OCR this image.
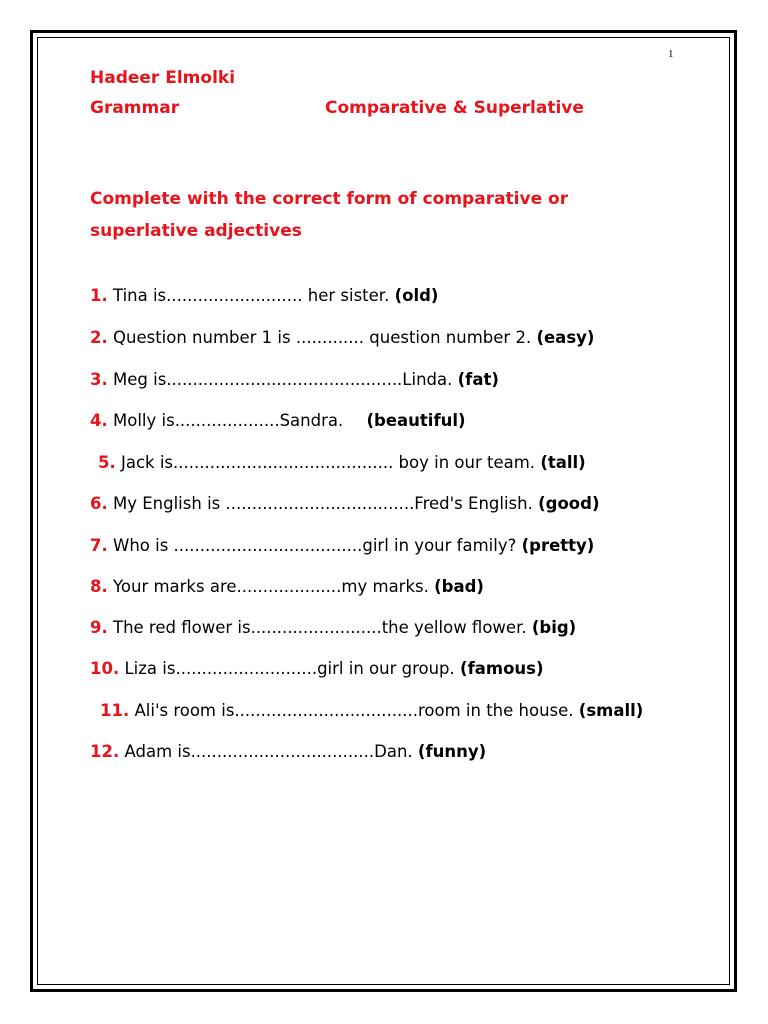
1
Hadeer Elmolki
Grammar	Comparative & Superlative
Complete with the correct form of comparative or superlative adjectives
1. Tina is.......................... her sister. (old)
2. Question number 1 is ............. question number 2. (easy)
3. Meg is.............................................Linda. (fat)
4. Molly is....................Sandra. (beautiful)
5. Jack is.......................................... boy in our team. (tall)
6. My English is ....................................Fred's English. (good)
7. Who is ....................................girl in your family? (pretty)
8. Your marks are....................my marks. (bad)
9. The red flower is.........................the yellow flower. (big)
10. Liza is...........................girl in our group. (famous)
11. Ali's room is...................................room in the house. (small)
12. Adam is...................................Dan. (funny)
